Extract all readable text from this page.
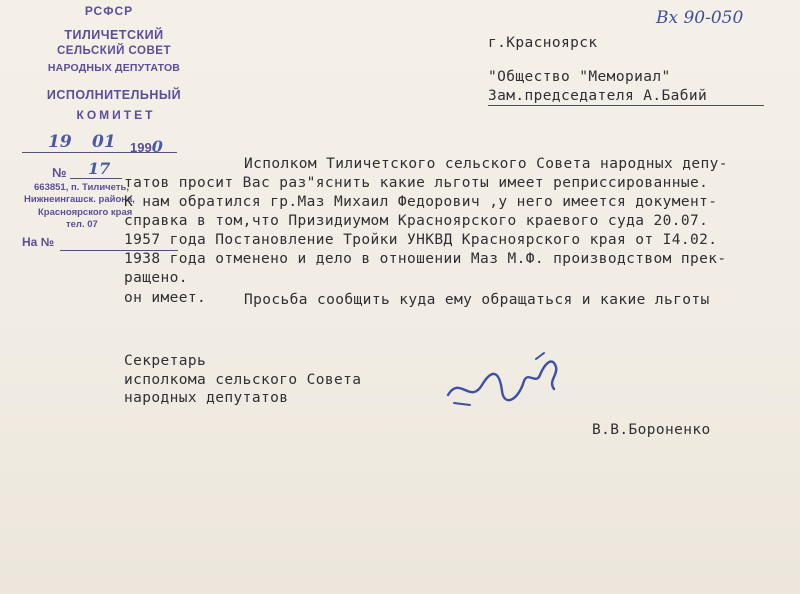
РСФСР
ТИЛИЧЕТСКИЙ
СЕЛЬСКИЙ СОВЕТ
НАРОДНЫХ ДЕПУТАТОВ
ИСПОЛНИТЕЛЬНЫЙ
КОМИТЕТ
19 01 1990
№ 17
663851, п. Тиличеть,
Нижнеингашск. района,
Красноярского края
тел. 07
На №
Вх 90-050
г.Красноярск
"Общество "Мемориал"
Зам.председателя А.Бабий
Исполком Тиличетского сельского Совета народных депу-
татов просит Вас раз"яснить какие льготы имеет реприссированные.
К нам обратился гр.Маз Михаил Федорович ,у него имеется документ-
справка в том,что Призидиумом Красноярского краевого суда 20.07.
1957 года Постановление Тройки УНКВД Красноярского края от I4.02.
1938 года отменено и дело в отношении Маз М.Ф. производством прек-
ращено.
Просьба сообщить куда ему обращаться и какие льготы
он имеет.
Секретарь
исполкома сельского Совета
народных депутатов
В.В.Бороненко
